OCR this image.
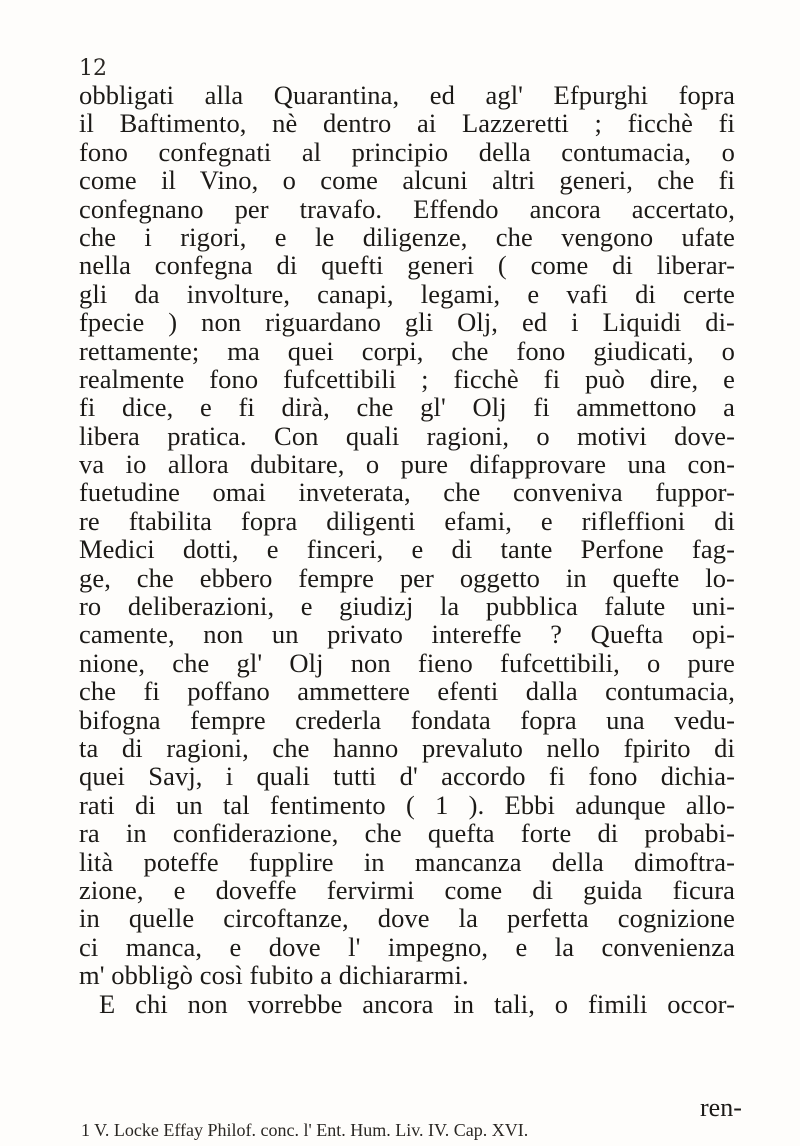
12
obbligati alla Quarantina, ed agl' Efpurghi fopra
il Baftimento, nè dentro ai Lazzeretti ; ficchè fi
fono confegnati al principio della contumacia, o
come il Vino, o come alcuni altri generi, che fi
confegnano per travafo. Effendo ancora accertato,
che i rigori, e le diligenze, che vengono ufate
nella confegna di quefti generi ( come di liberar-
gli da involture, canapi, legami, e vafi di certe
fpecie ) non riguardano gli Olj, ed i Liquidi di-
rettamente; ma quei corpi, che fono giudicati, o
realmente fono fufcettibili ; ficchè fi può dire, e
fi dice, e fi dirà, che gl' Olj fi ammettono a
libera pratica. Con quali ragioni, o motivi dove-
va io allora dubitare, o pure difapprovare una con-
fuetudine omai inveterata, che conveniva fuppor-
re ftabilita fopra diligenti efami, e rifleffioni di
Medici dotti, e finceri, e di tante Perfone fag-
ge, che ebbero fempre per oggetto in quefte lo-
ro deliberazioni, e giudizj la pubblica falute uni-
camente, non un privato intereffe ? Quefta opi-
nione, che gl' Olj non fieno fufcettibili, o pure
che fi poffano ammettere efenti dalla contumacia,
bifogna fempre crederla fondata fopra una vedu-
ta di ragioni, che hanno prevaluto nello fpirito di
quei Savj, i quali tutti d' accordo fi fono dichia-
rati di un tal fentimento ( 1 ). Ebbi adunque allo-
ra in confiderazione, che quefta forte di probabi-
lità poteffe fupplire in mancanza della dimoftra-
zione, e doveffe fervirmi come di guida ficura
in quelle circoftanze, dove la perfetta cognizione
ci manca, e dove l' impegno, e la convenienza
m' obbligò così fubito a dichiararmi.
E chi non vorrebbe ancora in tali, o fimili occor-
ren-
1 V. Locke Effay Philof. conc. l' Ent. Hum. Liv. IV. Cap. XVI.
